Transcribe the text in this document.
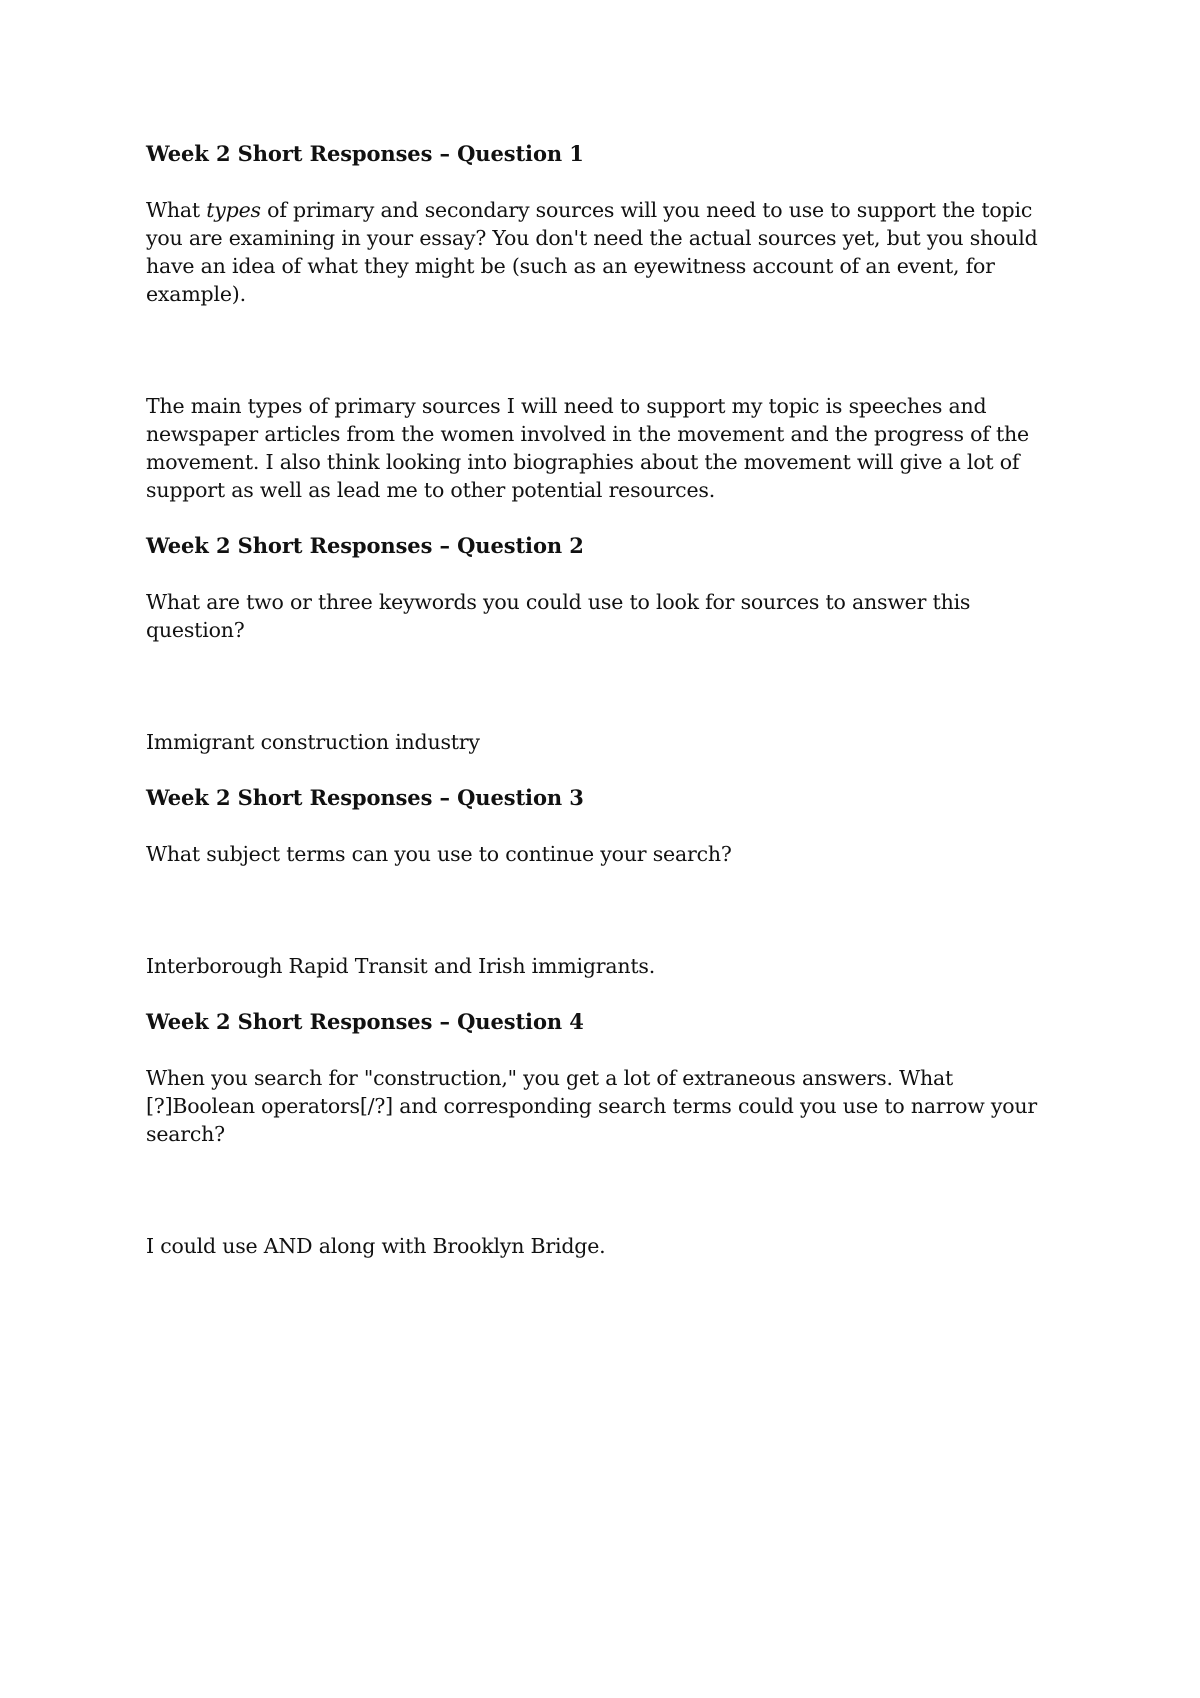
Week 2 Short Responses – Question 1

What types of primary and secondary sources will you need to use to support the topic you are examining in your essay? You don't need the actual sources yet, but you should have an idea of what they might be (such as an eyewitness account of an event, for example).

The main types of primary sources I will need to support my topic is speeches and newspaper articles from the women involved in the movement and the progress of the movement. I also think looking into biographies about the movement will give a lot of support as well as lead me to other potential resources.

Week 2 Short Responses – Question 2

What are two or three keywords you could use to look for sources to answer this question?

Immigrant construction industry

Week 2 Short Responses – Question 3

What subject terms can you use to continue your search?

Interborough Rapid Transit and Irish immigrants.

Week 2 Short Responses – Question 4

When you search for "construction," you get a lot of extraneous answers. What [?]Boolean operators[/?] and corresponding search terms could you use to narrow your search?

I could use AND along with Brooklyn Bridge.
